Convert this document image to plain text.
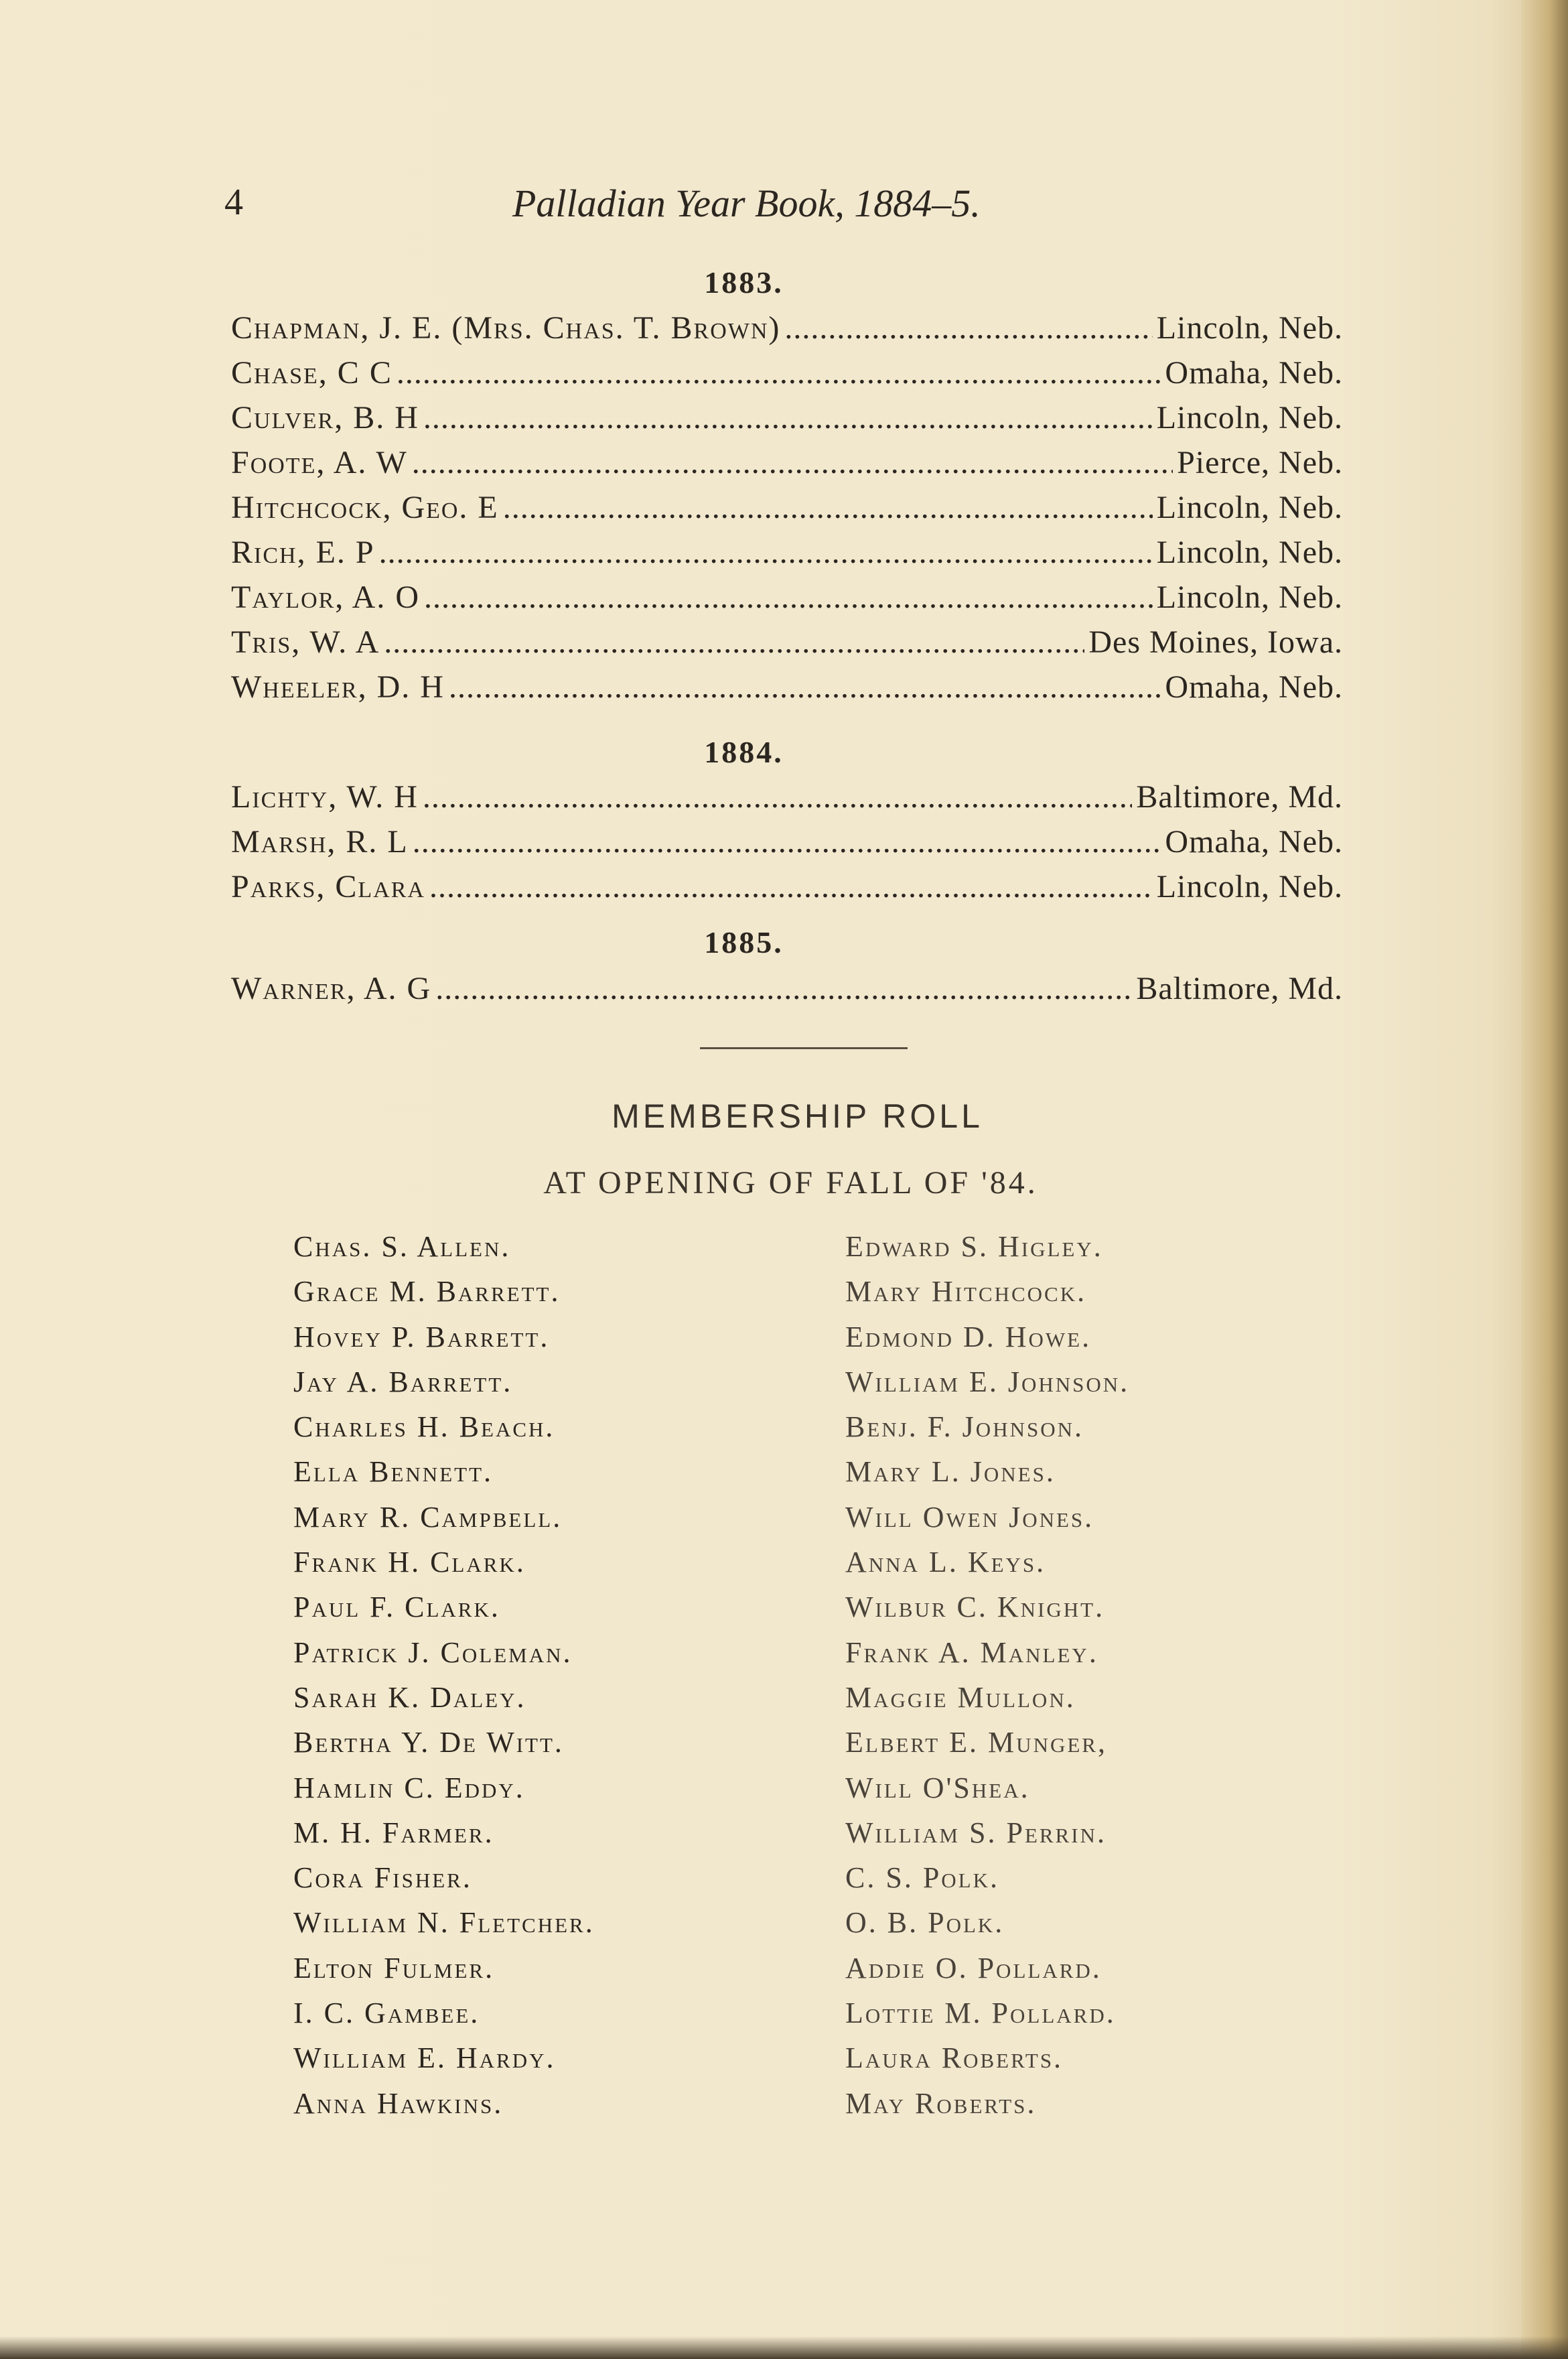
4	Palladian Year Book, 1884–5.
1883.
Chapman, J. E. (Mrs. Chas. T. Brown) .....	Lincoln, Neb.
Chase, C C .....	Omaha, Neb.
Culver, B. H .....	Lincoln, Neb.
Foote, A. W .....	Pierce, Neb.
Hitchcock, Geo. E .....	Lincoln, Neb.
Rich, E. P .....	Lincoln, Neb.
Taylor, A. O .....	Lincoln, Neb.
Tris, W. A .....	Des Moines, Iowa.
Wheeler, D. H .....	Omaha, Neb.
1884.
Lichty, W. H .....	Baltimore, Md.
Marsh, R. L .....	Omaha, Neb.
Parks, Clara .....	Lincoln, Neb.
1885.
Warner, A. G .....	Baltimore, Md.
MEMBERSHIP ROLL
AT OPENING OF FALL OF '84.
Chas. S. Allen.
Grace M. Barrett.
Hovey P. Barrett.
Jay A. Barrett.
Charles H. Beach.
Ella Bennett.
Mary R. Campbell.
Frank H. Clark.
Paul F. Clark.
Patrick J. Coleman.
Sarah K. Daley.
Bertha Y. De Witt.
Hamlin C. Eddy.
M. H. Farmer.
Cora Fisher.
William N. Fletcher.
Elton Fulmer.
I. C. Gambee.
William E. Hardy.
Anna Hawkins.
Edward S. Higley.
Mary Hitchcock.
Edmond D. Howe.
William E. Johnson.
Benj. F. Johnson.
Mary L. Jones.
Will Owen Jones.
Anna L. Keys.
Wilbur C. Knight.
Frank A. Manley.
Maggie Mullon.
Elbert E. Munger,
Will O'Shea.
William S. Perrin.
C. S. Polk.
O. B. Polk.
Addie O. Pollard.
Lottie M. Pollard.
Laura Roberts.
May Roberts.
